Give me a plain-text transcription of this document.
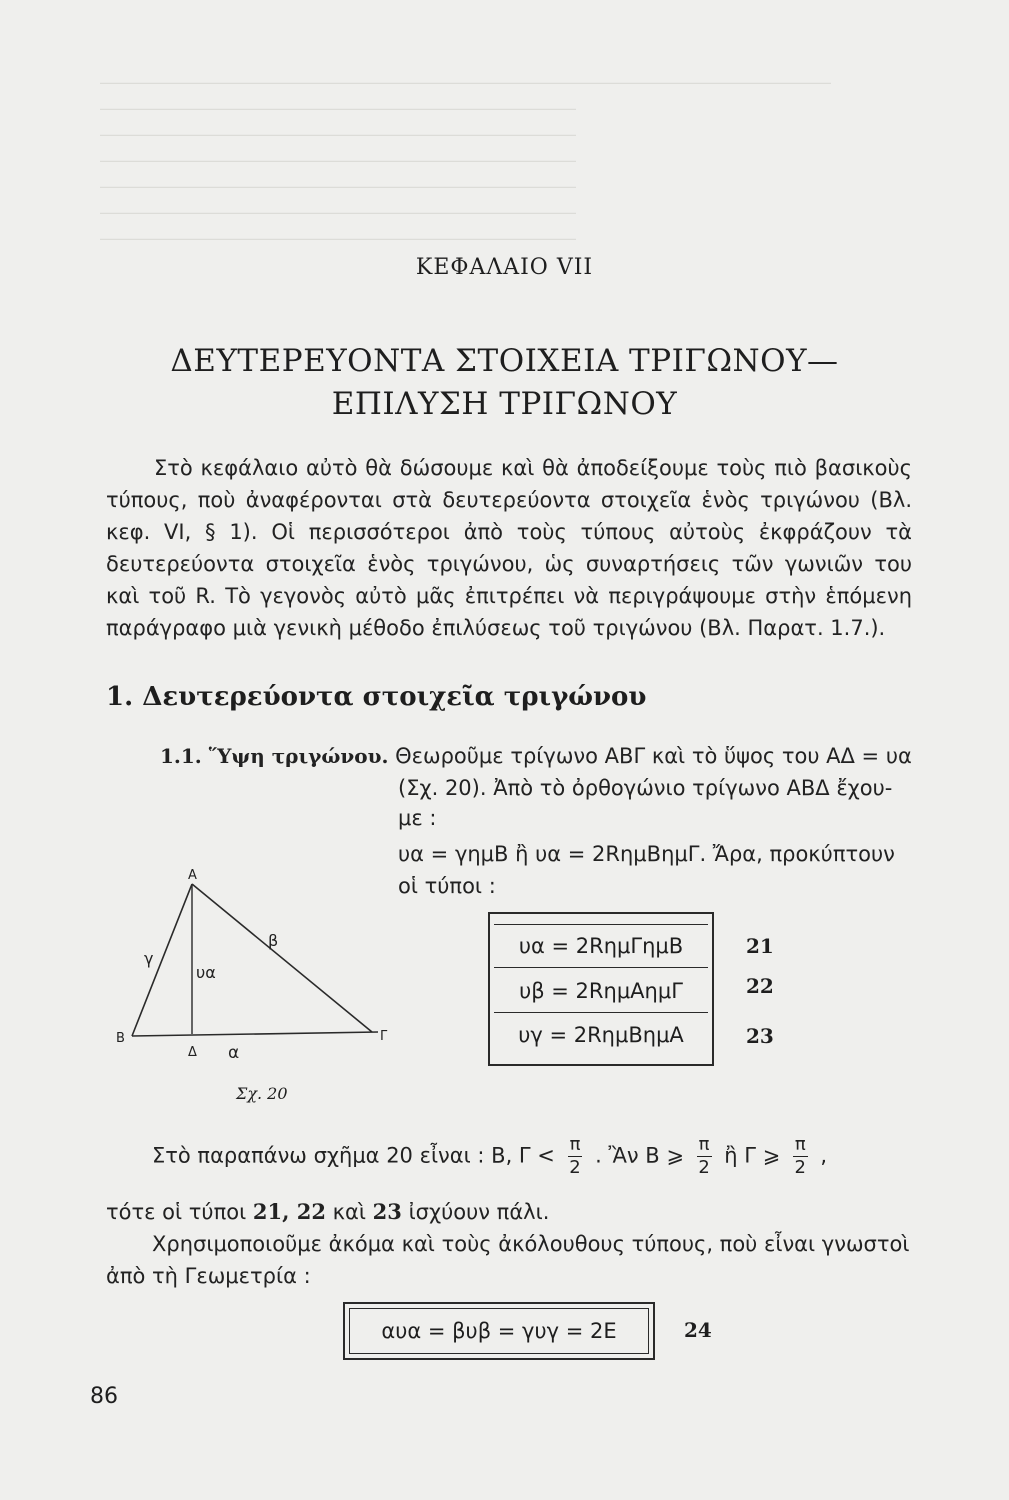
―――――――――――――――――――――――――――――――――――――――――――
――――――――――――――――――――――――――――
――――――――――――――――――――――――――――
――――――――――――――――――――――――――――
――――――――――――――――――――――――――――
――――――――――――――――――――――――――――
――――――――――――――――――――――――――――
ΚΕΦΑΛΑΙΟ VII
ΔΕΥΤΕΡΕΥΟΝΤΑ ΣΤΟΙΧΕΙΑ ΤΡΙΓΩΝΟΥ—
ΕΠΙΛΥΣΗ ΤΡΙΓΩΝΟΥ

Στὸ κεφάλαιο αὐτὸ θὰ δώσουμε καὶ θὰ ἀποδείξουμε τοὺς πιὸ βασικοὺς τύπους, ποὺ ἀναφέρονται στὰ δευτερεύοντα στοιχεῖα ἑνὸς τριγώνου (Βλ. κεφ. VI, § 1). Οἱ περισσότεροι ἀπὸ τοὺς τύπους αὐτοὺς ἐκφράζουν τὰ δευτερεύοντα στοιχεῖα ἑνὸς τριγώνου, ὡς συναρτήσεις τῶν γωνιῶν του καὶ τοῦ R. Τὸ γεγονὸς αὐτὸ μᾶς ἐπιτρέπει νὰ περιγράψουμε στὴν ἑπόμενη παράγραφο μιὰ γενικὴ μέθοδο ἐπιλύσεως τοῦ τριγώνου (Βλ. Παρατ. 1.7.).

1. Δευτερεύοντα στοιχεῖα τριγώνου
1.1. Ὕψη τριγώνου. Θεωροῦμε τρίγωνο ΑΒΓ καὶ τὸ ὕψος του ΑΔ = υα
(Σχ. 20). Ἀπὸ τὸ ὀρθογώνιο τρίγωνο ΑΒΔ ἔχου-
με :
υα = γημΒ ἢ υα = 2RημΒημΓ. Ἄρα, προκύπτουν
οἱ τύποι :
Α
Β	Γ
Δ
β
γ
α
υα
Σχ. 20
υα = 2RημΓημΒ
υβ = 2RημΑημΓ
υγ = 2RημΒημΑ
21
22
23
Στὸ παραπάνω σχῆμα 20 εἶναι : Β, $\Gamma < \frac{\pi}{2}$ . Ἂν Β ⩾ $\frac{\pi}{2}$ ἢ Γ ⩾ $\frac{\pi}{2}$ ,
τότε οἱ τύποι 21, 22 καὶ 23 ἰσχύουν πάλι.
Χρησιμοποιοῦμε ἀκόμα καὶ τοὺς ἀκόλουθους τύπους, ποὺ εἶναι γνωστοὶ
ἀπὸ τὴ Γεωμετρία :
αυα = βυβ = γυγ = 2Ε	24
86
